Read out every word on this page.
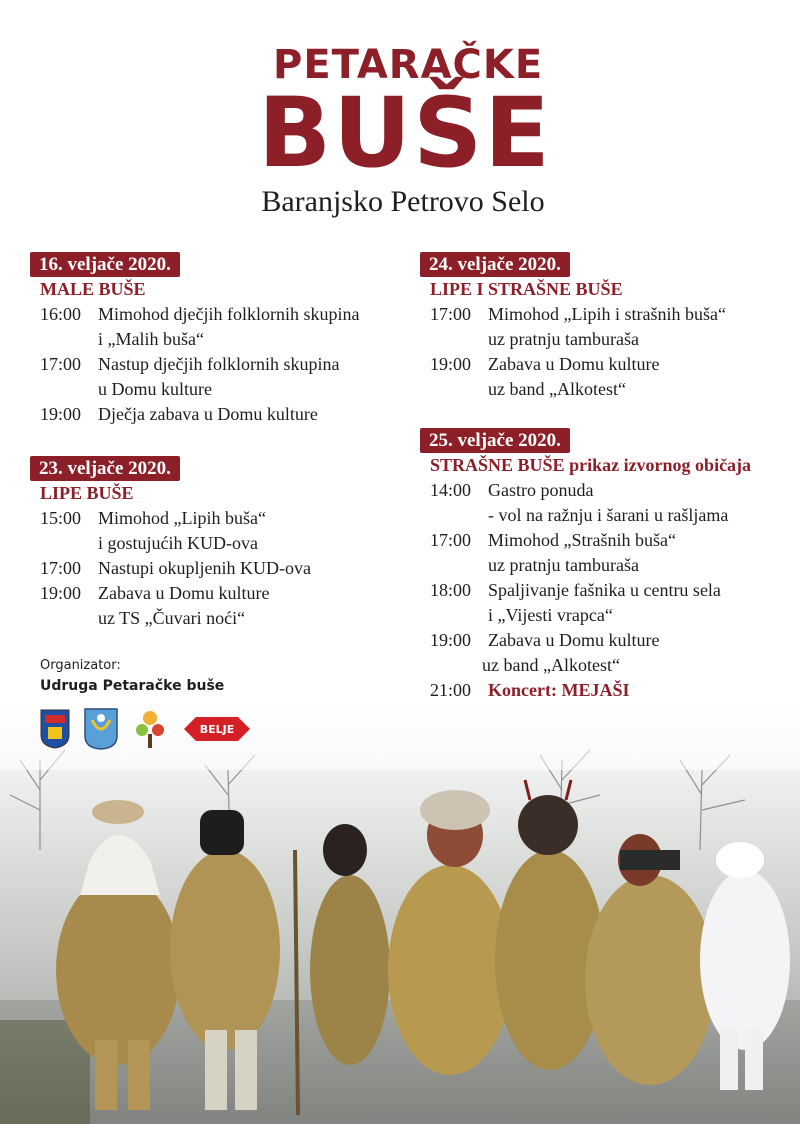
PETARAČKE
BUŠE
Baranjsko Petrovo Selo
16. veljače 2020.
MALE BUŠE
16:00 Mimohod dječjih folklornih skupina
i „Malih buša“
17:00 Nastup dječjih folklornih skupina
u Domu kulture
19:00 Dječja zabava u Domu kulture
23. veljače 2020.
LIPE BUŠE
15:00 Mimohod „Lipih buša“
i gostujućih KUD-ova
17:00 Nastupi okupljenih KUD-ova
19:00 Zabava u Domu kulture
uz TS „Čuvari noći“
24. veljače 2020.
LIPE I STRAŠNE BUŠE
17:00 Mimohod „Lipih i strašnih buša“
uz pratnju tamburaša
19:00 Zabava u Domu kulture
uz band „Alkotest“
25. veljače 2020.
STRAŠNE BUŠE prikaz izvornog običaja
14:00 Gastro ponuda
- vol na ražnju i šarani u rašljama
17:00 Mimohod „Strašnih buša“
uz pratnju tamburaša
18:00 Spaljivanje fašnika u centru sela
i „Vijesti vrapca“
19:00 Zabava u Domu kulture
uz band „Alkotest“
21:00 Koncert: MEJAŠI
Organizator:
Udruga Petaračke buše
BELJE
